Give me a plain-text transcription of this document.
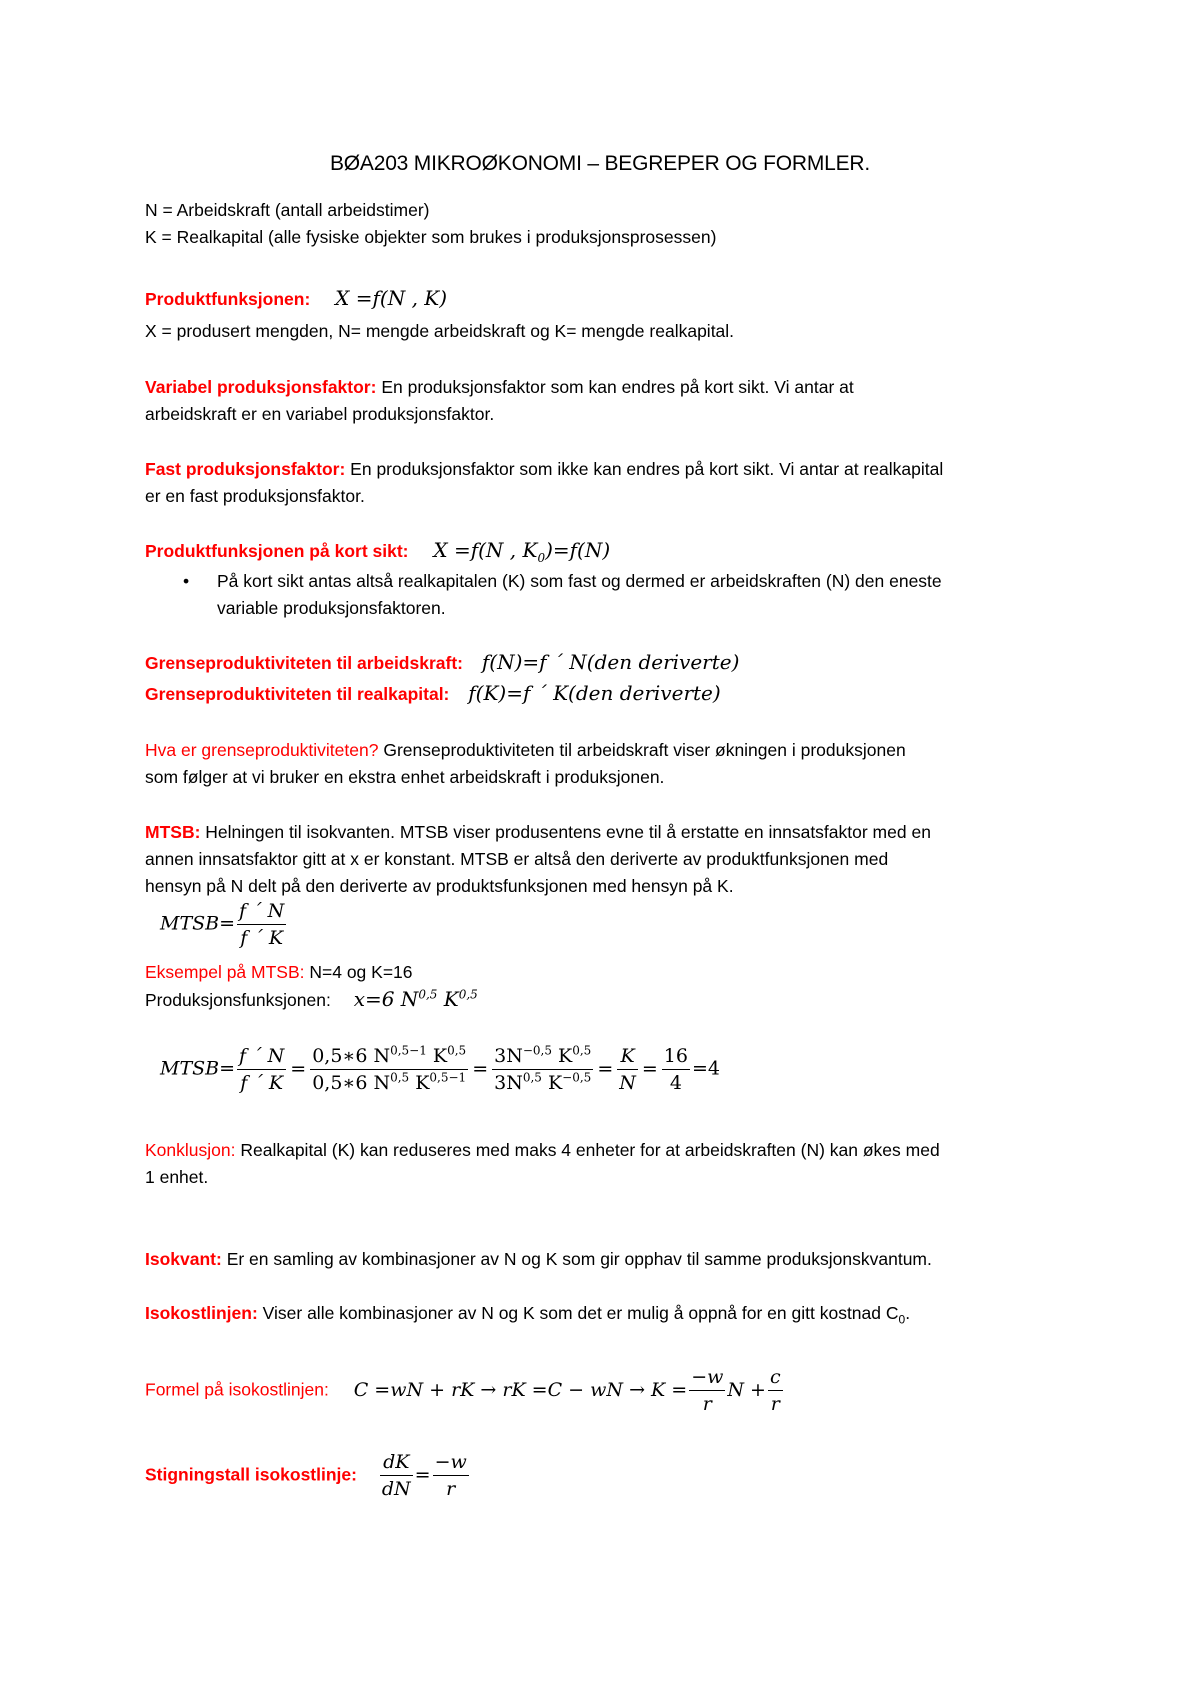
BØA203 MIKROØKONOMI – BEGREPER OG FORMLER.
N = Arbeidskraft (antall arbeidstimer)
K = Realkapital (alle fysiske objekter som brukes i produksjonsprosessen)
Produktfunksjonen: X =f(N , K)
X = produsert mengden, N= mengde arbeidskraft og K= mengde realkapital.
Variabel produksjonsfaktor: En produksjonsfaktor som kan endres på kort sikt. Vi antar at
arbeidskraft er en variabel produksjonsfaktor.
Fast produksjonsfaktor: En produksjonsfaktor som ikke kan endres på kort sikt. Vi antar at realkapital
er en fast produksjonsfaktor.
Produktfunksjonen på kort sikt: X =f(N , $K_0)=f(N)$
• På kort sikt antas altså realkapitalen (K) som fast og dermed er arbeidskraften (N) den eneste
variable produksjonsfaktoren.
Grenseproduktiviteten til arbeidskraft: f(N)=f ´ N(den deriverte)
Grenseproduktiviteten til realkapital: f(K)=f ´ K(den deriverte)
Hva er grenseproduktiviteten? Grenseproduktiviteten til arbeidskraft viser økningen i produksjonen
som følger at vi bruker en ekstra enhet arbeidskraft i produksjonen.
MTSB: Helningen til isokvanten. MTSB viser produsentens evne til å erstatte en innsatsfaktor med en
annen innsatsfaktor gitt at x er konstant. MTSB er altså den deriverte av produktfunksjonen med
hensyn på N delt på den deriverte av produktsfunksjonen med hensyn på K.
MTSB= $\frac{f ´ N}{f ´ K}$
Eksempel på MTSB: N=4 og K=16
Produksjonsfunksjonen: x=6 N$^{0,5}$ K$^{0,5}$
MTSB= $\frac{f ´ N}{f ´ K} = \frac{0,5∗6 N^{0,5-1} K^{0,5}}{0,5∗6 N^{0,5} K^{0,5-1}} = \frac{3N^{-0,5} K^{0,5}}{3N^{0,5} K^{-0,5}} = \frac{K}{N} = \frac{16}{4} =4$
Konklusjon: Realkapital (K) kan reduseres med maks 4 enheter for at arbeidskraften (N) kan økes med
1 enhet.
Isokvant: Er en samling av kombinasjoner av N og K som gir opphav til samme produksjonskvantum.
Isokostlinjen: Viser alle kombinasjoner av N og K som det er mulig å oppnå for en gitt kostnad $C_0$.
Formel på isokostlinjen: C =wN + rK → rK =C − wN → $K = \frac{-w}{r}$ $N + \frac{c}{r}$
Stigningstall isokostlinje: $\frac{dK}{dN} = \frac{-w}{r}$
